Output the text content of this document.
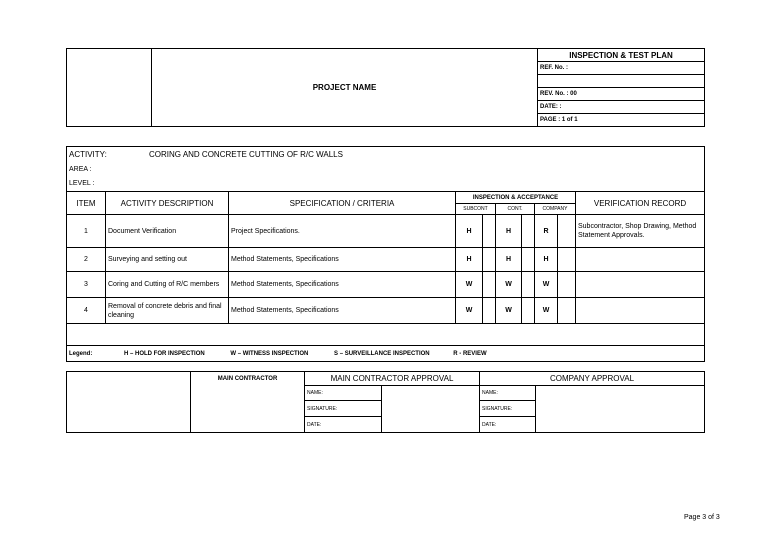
	PROJECT NAME	INSPECTION & TEST PLAN
REF. No. :

REV. No. : 00
DATE: :
PAGE : 1 of 1
ACTIVITY: CORING AND CONCRETE CUTTING OF R/C WALLS									
AREA :									
LEVEL :									
ITEM	ACTIVITY DESCRIPTION	SPECIFICATION / CRITERIA	INSPECTION & ACCEPTANCE						VERIFICATION RECORD
			SUBCONT		CONT.		COMPANY		
1	Document Verification	Project Specifications.	H		H		R		Subcontractor, Shop Drawing, Method Statement Approvals.
2	Surveying and setting out	Method Statements, Specifications	H		H		H		
3	Coring and Cutting of R/C members	Method Statements, Specifications	W		W		W		
4	Removal of concrete debris and final cleaning	Method Statements, Specifications	W		W		W		

Legend: H – HOLD FOR INSPECTION W – WITNESS INSPECTION S – SURVEILLANCE INSPECTION R - REVIEW									
	MAIN CONTRACTOR	MAIN CONTRACTOR APPROVAL		COMPANY APPROVAL	
		NAME:		NAME:	
		SIGNATURE:		SIGNATURE:	
		DATE:		DATE:	
Page 3 of 3
